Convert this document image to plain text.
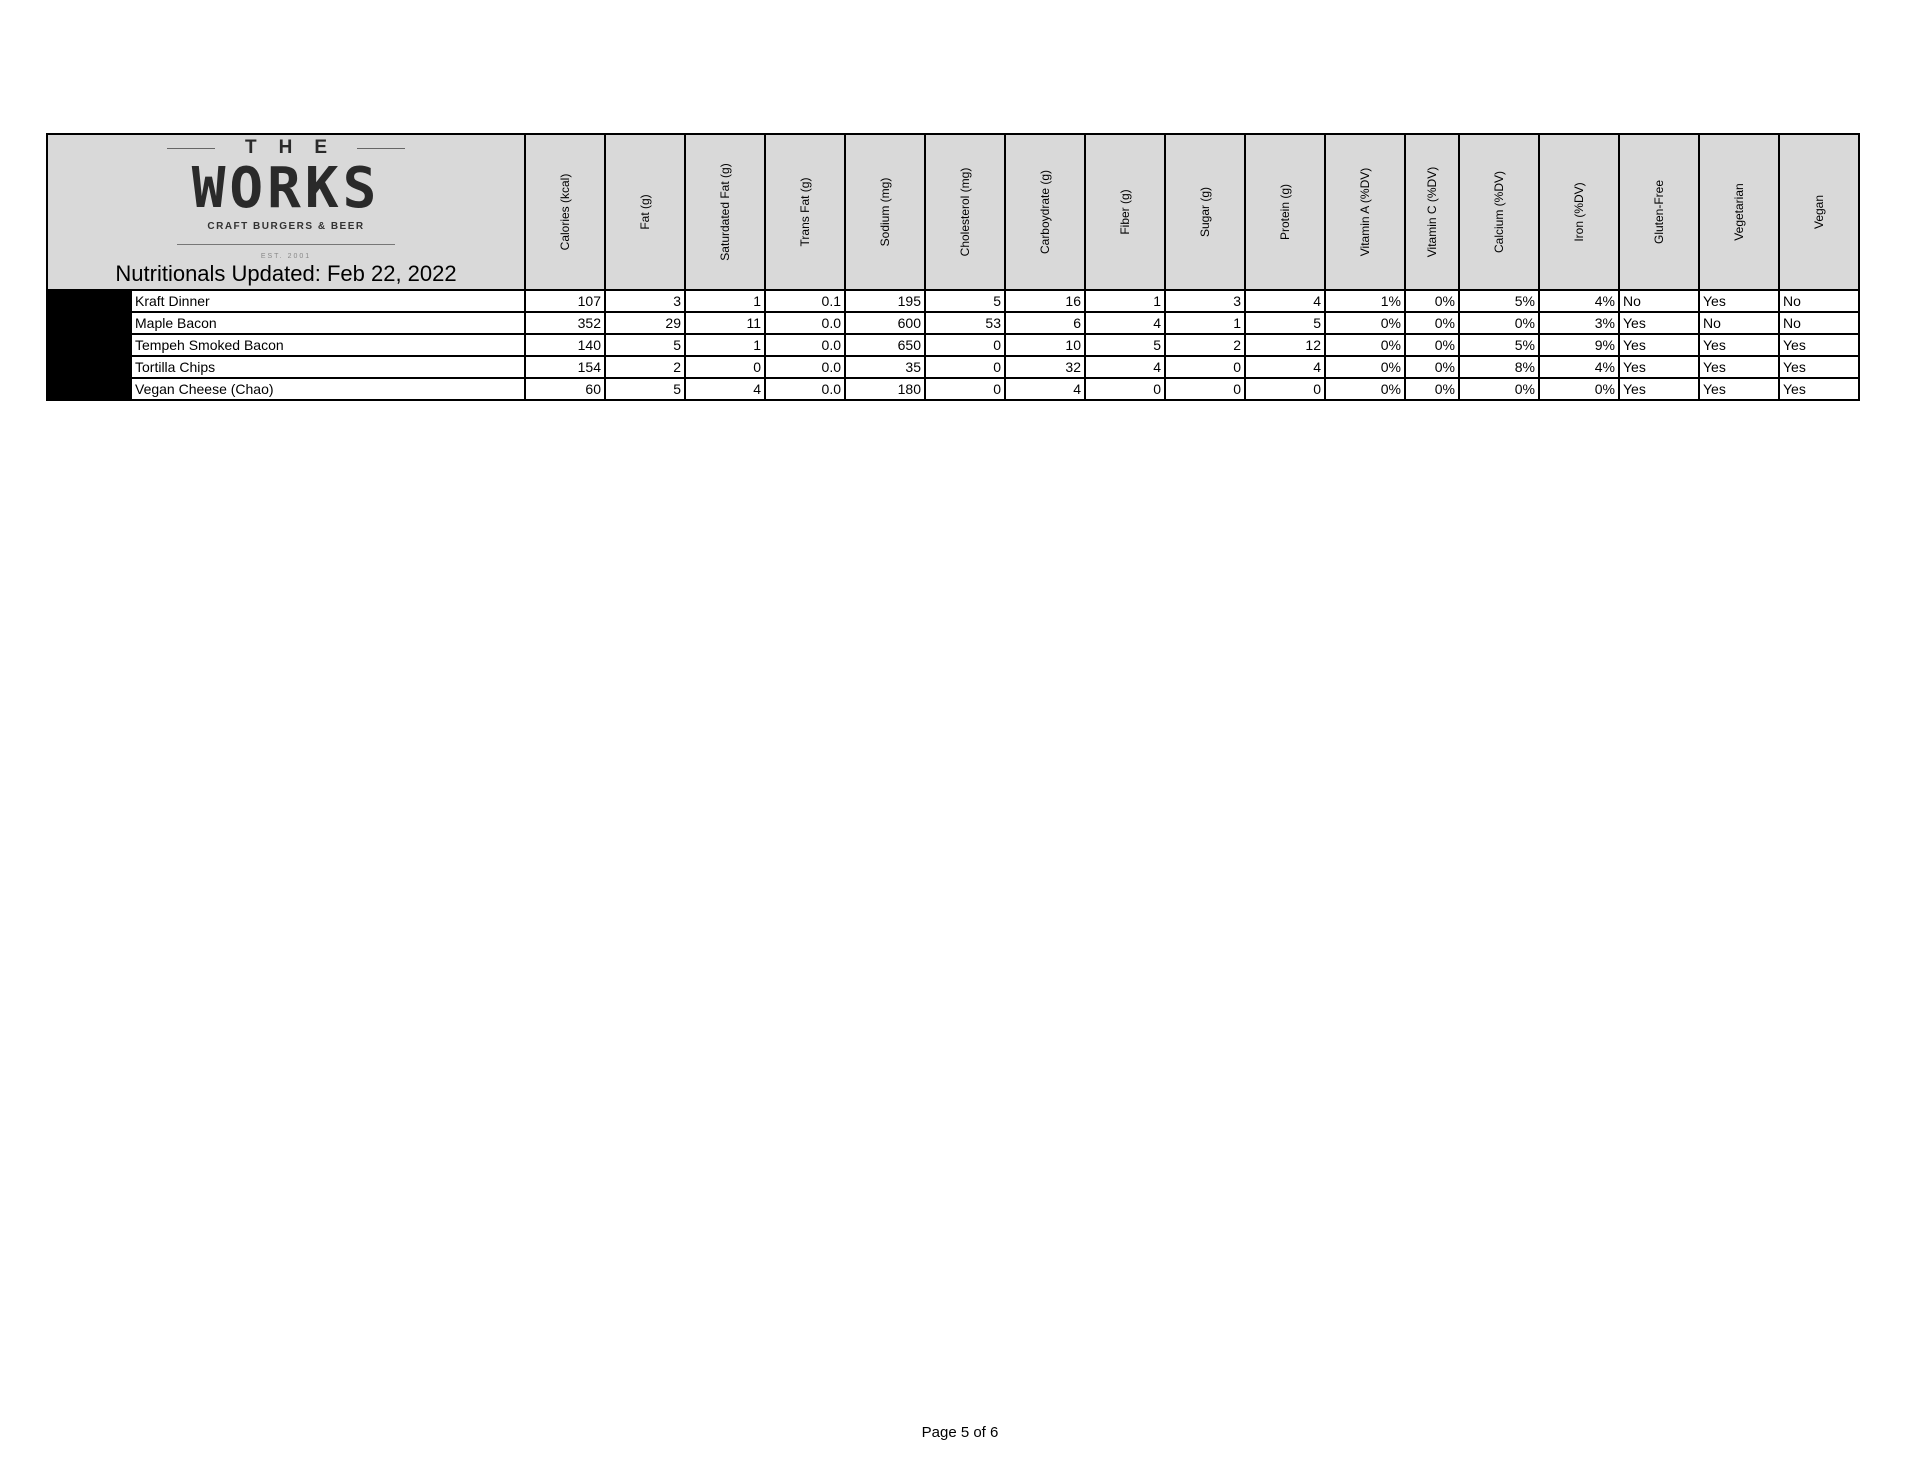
THE
WORKS
CRAFT BURGERS & BEER
EST. 2001
Nutritionals Updated: Feb 22, 2022		Calories (kcal)	Fat (g)	Saturdated Fat (g)	Trans Fat (g)	Sodium (mg)	Cholesterol (mg)	Carboydrate (g)	Fiber (g)	Sugar (g)	Protein (g)	Vitamin A (%DV)	Vitamin C (%DV)	Calcium (%DV)	Iron (%DV)	Gluten-Free	Vegetarian	Vegan

	Kraft Dinner	107	3	1	0.1	195	5	16	1	3	4	1%	0%	5%	4%	No	Yes	No
	Maple Bacon	352	29	11	0.0	600	53	6	4	1	5	0%	0%	0%	3%	Yes	No	No
	Tempeh Smoked Bacon	140	5	1	0.0	650	0	10	5	2	12	0%	0%	5%	9%	Yes	Yes	Yes
	Tortilla Chips	154	2	0	0.0	35	0	32	4	0	4	0%	0%	8%	4%	Yes	Yes	Yes
	Vegan Cheese (Chao)	60	5	4	0.0	180	0	4	0	0	0	0%	0%	0%	0%	Yes	Yes	Yes
Page 5 of 6
